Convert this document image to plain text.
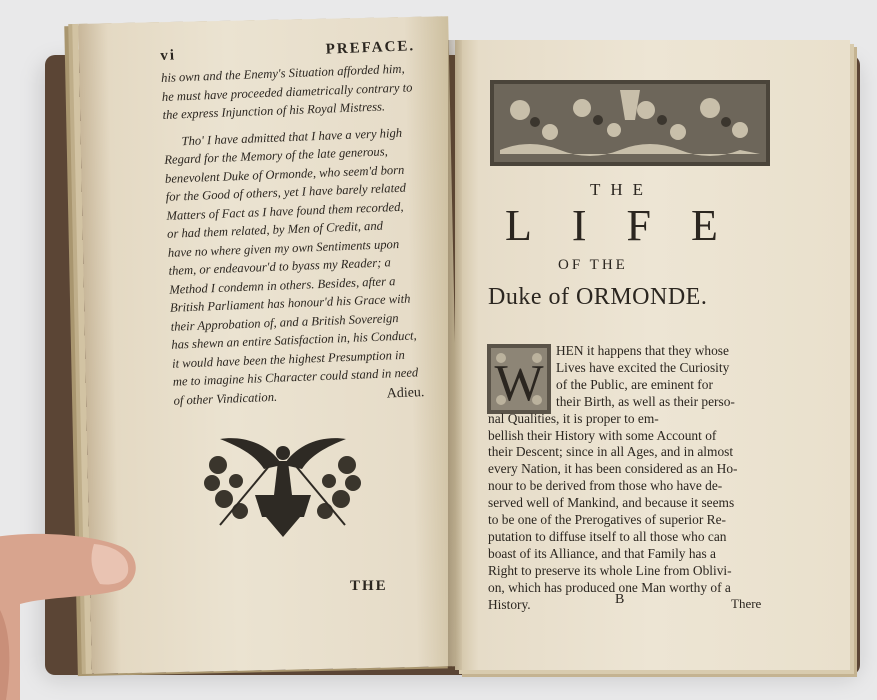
vi	PREFACE.
his own and the Enemy's Situation afforded him,
he must have proceeded diametrically contrary to
the express Injunction of his Royal Mistress.
Tho' I have admitted that I have a very high
Regard for the Memory of the late generous,
benevolent Duke of Ormonde, who seem'd born
for the Good of others, yet I have barely related
Matters of Fact as I have found them recorded,
or had them related, by Men of Credit, and
have no where given my own Sentiments upon
them, or endeavour'd to byass my Reader; a
Method I condemn in others. Besides, after a
British Parliament has honour'd his Grace with
their Approbation of, and a British Sovereign
has shewn an entire Satisfaction in, his Conduct,
it would have been the highest Presumption in
me to imagine his Character could stand in need
of other Vindication.	Adieu.

THE
THE
LIFE
OF THE
Duke of ORMONDE.
W
HEN it happens that they whose
Lives have excited the Curiosity
of the Public, are eminent for
their Birth, as well as their perso-
nal Qualities, it is proper to em-
bellish their History with some Account of
their Descent; since in all Ages, and in almost
every Nation, it has been considered as an Ho-
nour to be derived from those who have de-
served well of Mankind, and because it seems
to be one of the Prerogatives of superior Re-
putation to diffuse itself to all those who can
boast of its Alliance, and that Family has a
Right to preserve its whole Line from Oblivi-
on, which has produced one Man worthy of a
History.	B	There
